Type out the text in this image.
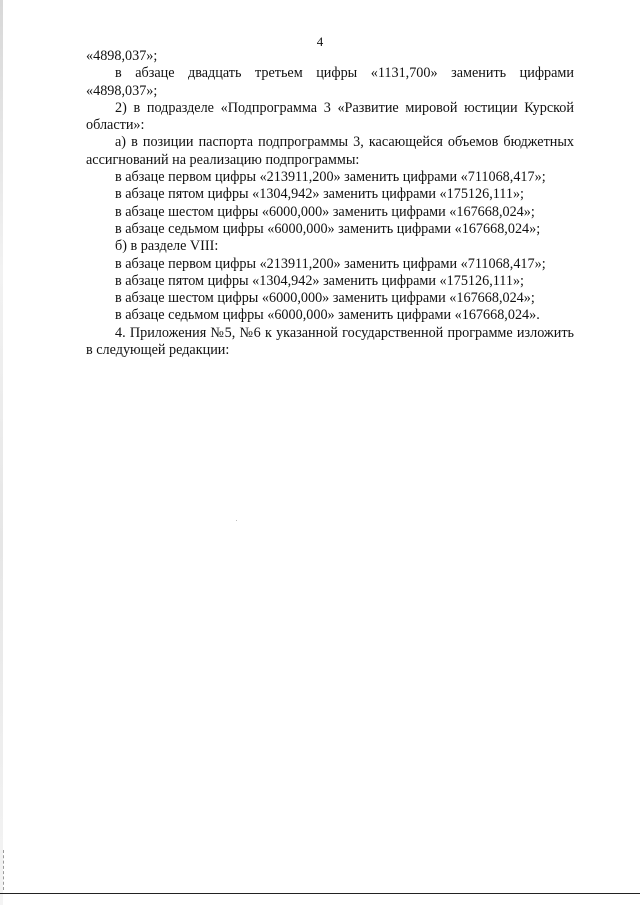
4

«4898,037»;

в абзаце двадцать третьем цифры «1131,700» заменить цифрами «4898,037»;

2) в подразделе «Подпрограмма 3 «Развитие мировой юстиции Курской области»:

а) в позиции паспорта подпрограммы 3, касающейся объемов бюджетных ассигнований на реализацию подпрограммы:

в абзаце первом цифры «213911,200» заменить цифрами «711068,417»;

в абзаце пятом цифры «1304,942» заменить цифрами «175126,111»;

в абзаце шестом цифры «6000,000» заменить цифрами «167668,024»;

в абзаце седьмом цифры «6000,000» заменить цифрами «167668,024»;

б) в разделе VIII:

в абзаце первом цифры «213911,200» заменить цифрами «711068,417»;

в абзаце пятом цифры «1304,942» заменить цифрами «175126,111»;

в абзаце шестом цифры «6000,000» заменить цифрами «167668,024»;

в абзаце седьмом цифры «6000,000» заменить цифрами «167668,024».

4. Приложения №5, №6 к указанной государственной программе изложить в следующей редакции:
